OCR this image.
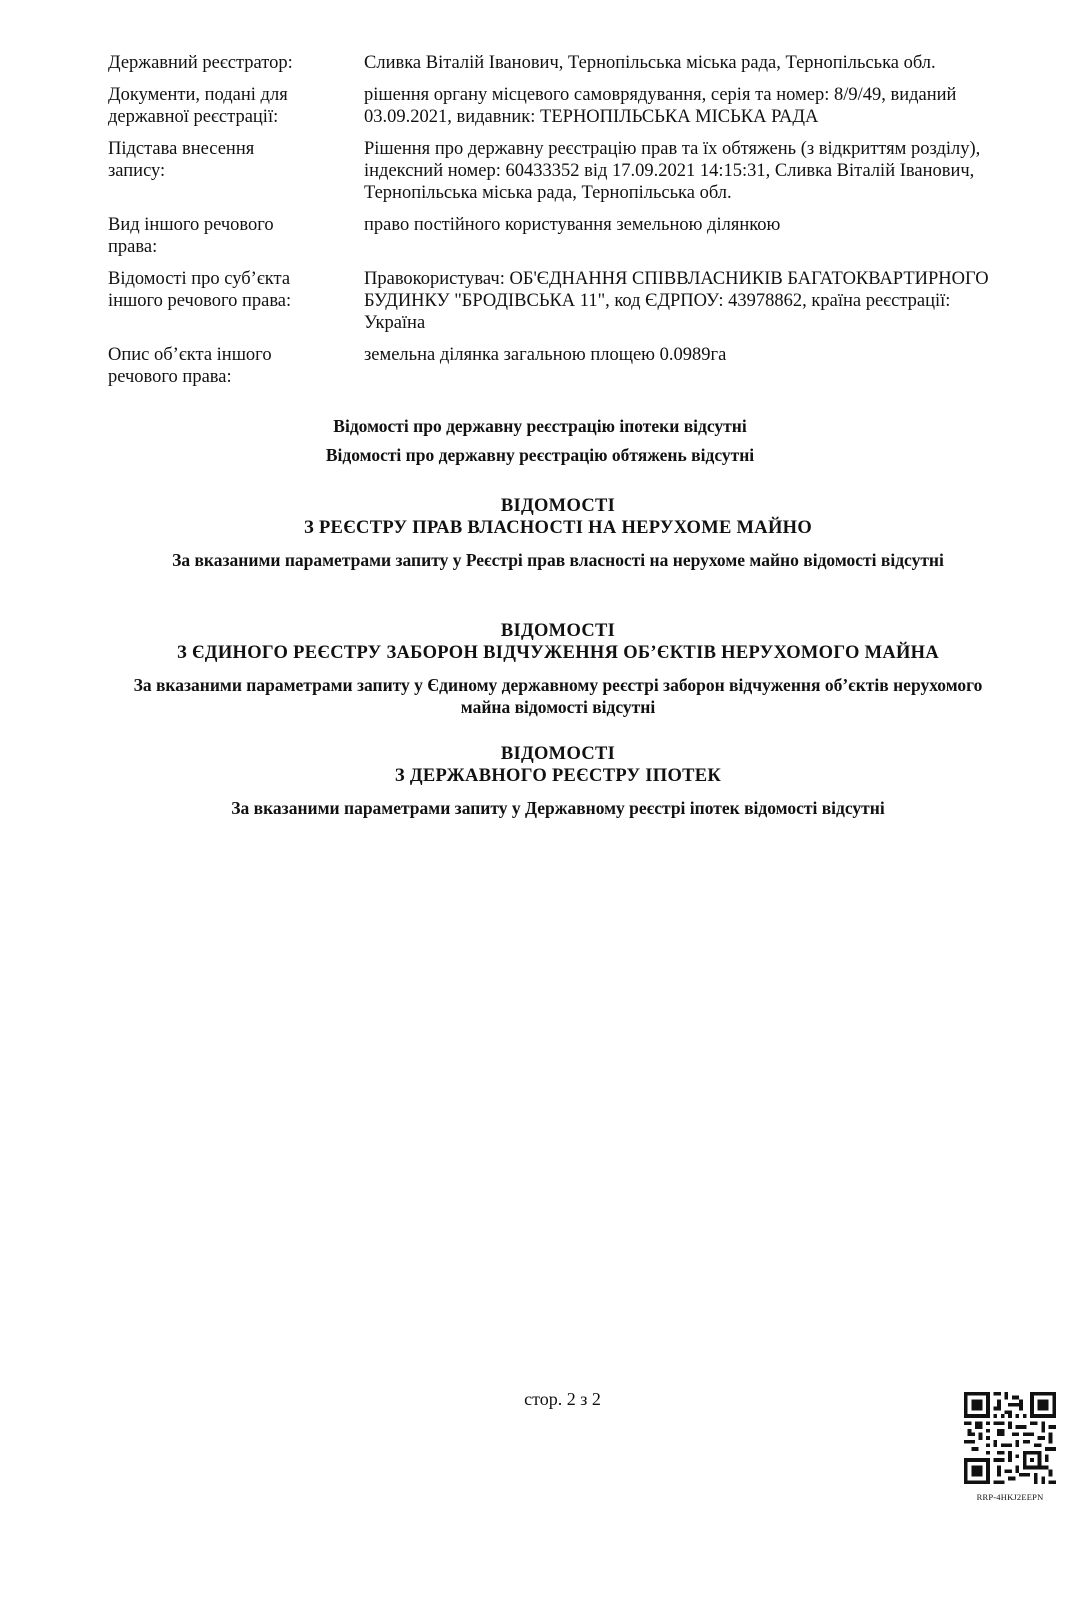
Державний реєстратор:	Сливка Віталій Іванович, Тернопільська міська рада, Тернопільська обл.
Документи, подані для
державної реєстрації:
рішення органу місцевого самоврядування, серія та номер: 8/9/49, виданий 03.09.2021, видавник: ТЕРНОПІЛЬСЬКА МІСЬКА РАДА
Підстава внесення
запису:
Рішення про державну реєстрацію прав та їх обтяжень (з відкриттям розділу), індексний номер: 60433352 від 17.09.2021 14:15:31, Сливка Віталій Іванович, Тернопільська міська рада, Тернопільська обл.
Вид іншого речового
права:
право постійного користування земельною ділянкою
Відомості про суб’єкта
іншого речового права:
Правокористувач: ОБ'ЄДНАННЯ СПІВВЛАСНИКІВ БАГАТОКВАРТИРНОГО БУДИНКУ "БРОДІВСЬКА 11", код ЄДРПОУ: 43978862, країна реєстрації: Україна
Опис об’єкта іншого
речового права:
земельна ділянка загальною площею 0.0989га
Відомості про державну реєстрацію іпотеки відсутні
Відомості про державну реєстрацію обтяжень відсутні
ВІДОМОСТІ
З РЕЄСТРУ ПРАВ ВЛАСНОСТІ НА НЕРУХОМЕ МАЙНО
За вказаними параметрами запиту у Реєстрі прав власності на нерухоме майно відомості відсутні
ВІДОМОСТІ
З ЄДИНОГО РЕЄСТРУ ЗАБОРОН ВІДЧУЖЕННЯ ОБ’ЄКТІВ НЕРУХОМОГО МАЙНА
За вказаними параметрами запиту у Єдиному державному реєстрі заборон відчуження об’єктів нерухомого майна відомості відсутні
ВІДОМОСТІ
З ДЕРЖАВНОГО РЕЄСТРУ ІПОТЕК
За вказаними параметрами запиту у Державному реєстрі іпотек відомості відсутні
стор. 2 з 2
RRP-4HKJ2EEPN
